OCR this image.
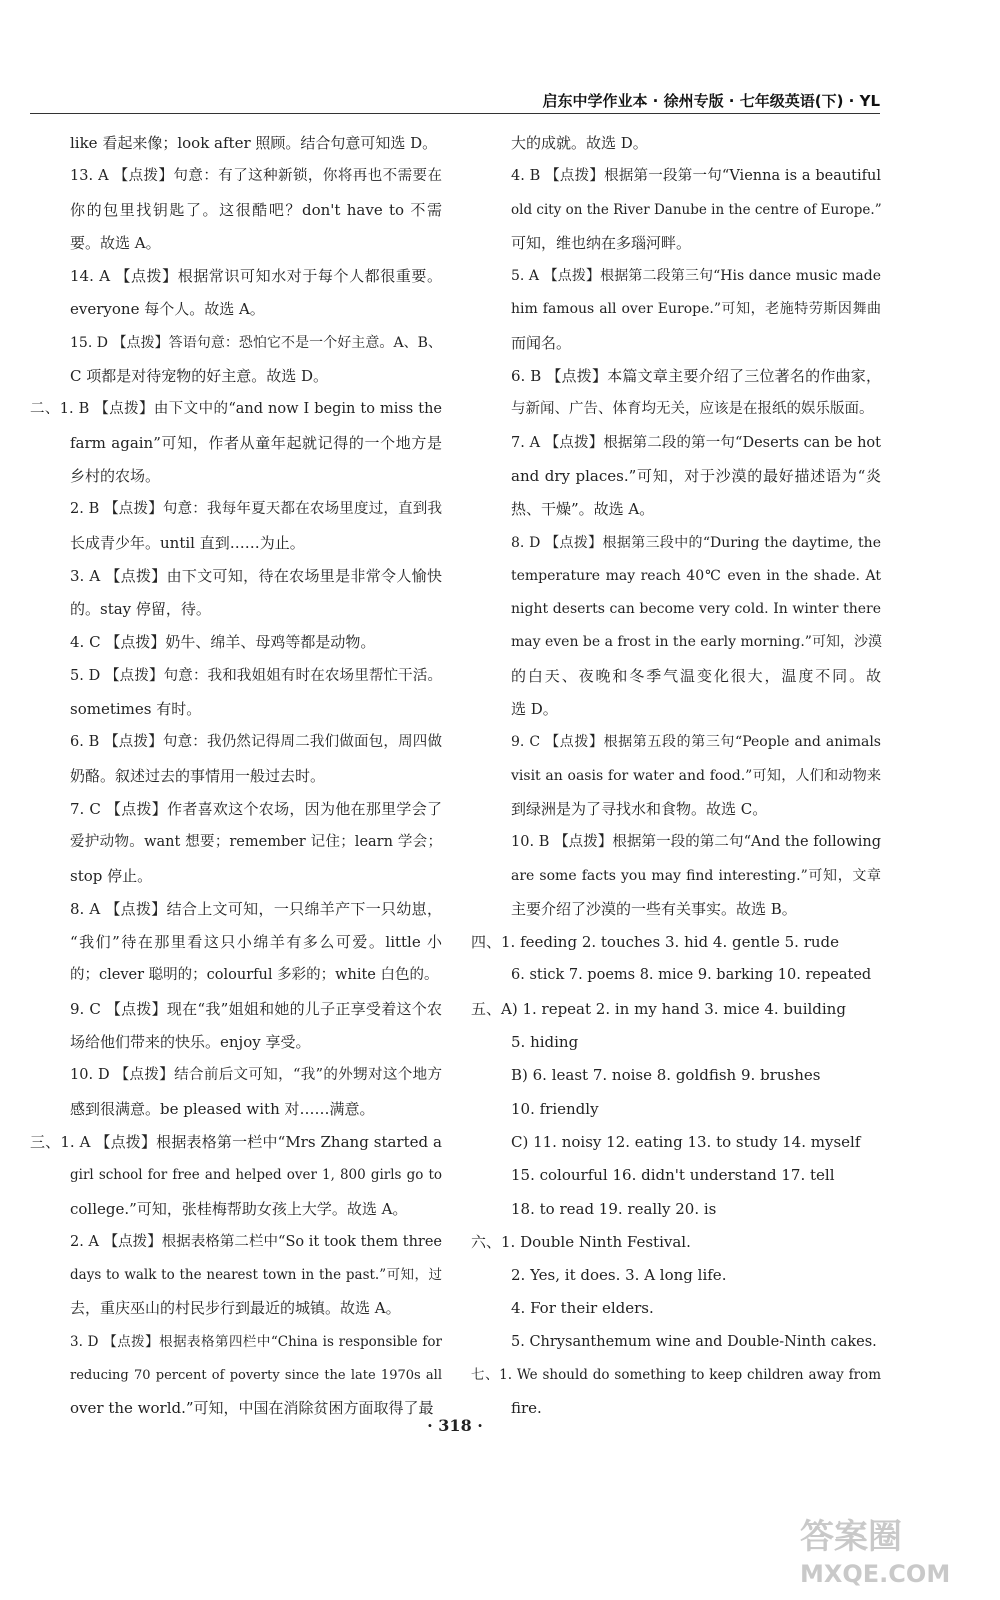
启东中学作业本 · 徐州专版 · 七年级英语(下) · YL
like 看起来像；look after 照顾。结合句意可知选 D。
13. A 【点拨】句意：有了这种新锁，你将再也不需要在
你的包里找钥匙了。这很酷吧？don't have to 不需
要。故选 A。
14. A 【点拨】根据常识可知水对于每个人都很重要。
everyone 每个人。故选 A。
15. D 【点拨】答语句意：恐怕它不是一个好主意。A、B、
C 项都是对待宠物的好主意。故选 D。
二、1. B 【点拨】由下文中的“and now I begin to miss the
farm again”可知，作者从童年起就记得的一个地方是
乡村的农场。
2. B 【点拨】句意：我每年夏天都在农场里度过，直到我
长成青少年。until 直到……为止。
3. A 【点拨】由下文可知，待在农场里是非常令人愉快
的。stay 停留，待。
4. C 【点拨】奶牛、绵羊、母鸡等都是动物。
5. D 【点拨】句意：我和我姐姐有时在农场里帮忙干活。
sometimes 有时。
6. B 【点拨】句意：我仍然记得周二我们做面包，周四做
奶酪。叙述过去的事情用一般过去时。
7. C 【点拨】作者喜欢这个农场，因为他在那里学会了
爱护动物。want 想要；remember 记住；learn 学会；
stop 停止。
8. A 【点拨】结合上文可知，一只绵羊产下一只幼崽，
“我们”待在那里看这只小绵羊有多么可爱。little 小
的；clever 聪明的；colourful 多彩的；white 白色的。
9. C 【点拨】现在“我”姐姐和她的儿子正享受着这个农
场给他们带来的快乐。enjoy 享受。
10. D 【点拨】结合前后文可知，“我”的外甥对这个地方
感到很满意。be pleased with 对……满意。
三、1. A 【点拨】根据表格第一栏中“Mrs Zhang started a
girl school for free and helped over 1, 800 girls go to
college.”可知，张桂梅帮助女孩上大学。故选 A。
2. A 【点拨】根据表格第二栏中“So it took them three
days to walk to the nearest town in the past.”可知，过
去，重庆巫山的村民步行到最近的城镇。故选 A。
3. D 【点拨】根据表格第四栏中“China is responsible for
reducing 70 percent of poverty since the late 1970s all
over the world.”可知，中国在消除贫困方面取得了最
大的成就。故选 D。
4. B 【点拨】根据第一段第一句“Vienna is a beautiful
old city on the River Danube in the centre of Europe.”
可知，维也纳在多瑙河畔。
5. A 【点拨】根据第二段第三句“His dance music made
him famous all over Europe.”可知，老施特劳斯因舞曲
而闻名。
6. B 【点拨】本篇文章主要介绍了三位著名的作曲家，
与新闻、广告、体育均无关，应该是在报纸的娱乐版面。
7. A 【点拨】根据第二段的第一句“Deserts can be hot
and dry places.”可知，对于沙漠的最好描述语为“炎
热、干燥”。故选 A。
8. D 【点拨】根据第三段中的“During the daytime, the
temperature may reach 40℃ even in the shade. At
night deserts can become very cold. In winter there
may even be a frost in the early morning.”可知，沙漠
的白天、夜晚和冬季气温变化很大，温度不同。故
选 D。
9. C 【点拨】根据第五段的第三句“People and animals
visit an oasis for water and food.”可知，人们和动物来
到绿洲是为了寻找水和食物。故选 C。
10. B 【点拨】根据第一段的第二句“And the following
are some facts you may find interesting.”可知，文章
主要介绍了沙漠的一些有关事实。故选 B。
四、1. feeding 2. touches 3. hid 4. gentle 5. rude
6. stick 7. poems 8. mice 9. barking 10. repeated
五、A) 1. repeat 2. in my hand 3. mice 4. building
5. hiding
B) 6. least 7. noise 8. goldfish 9. brushes
10. friendly
C) 11. noisy 12. eating 13. to study 14. myself
15. colourful 16. didn't understand 17. tell
18. to read 19. really 20. is
六、1. Double Ninth Festival.
2. Yes, it does. 3. A long life.
4. For their elders.
5. Chrysanthemum wine and Double-Ninth cakes.
七、1. We should do something to keep children away from
fire.
· 318 ·
答案圈
MXQE.COM
